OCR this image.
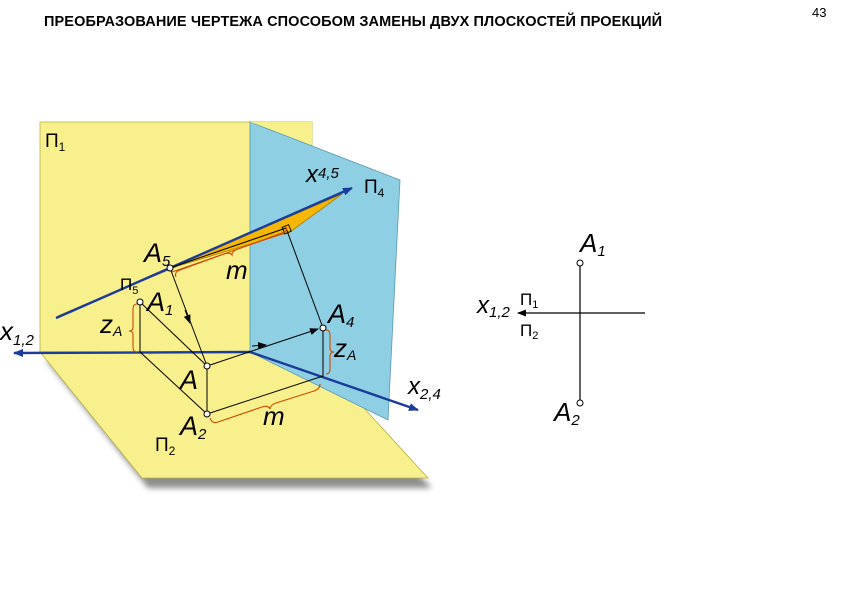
ПРЕОБРАЗОВАНИЕ ЧЕРТЕЖА СПОСОБОМ ЗАМЕНЫ ДВУХ ПЛОСКОСТЕЙ ПРОЕКЦИЙ
43
$П_1$
$П_2$
$П_4$
$П_5$
x1,2
$x_{2,4}$
x4,5
A5
A1
A
A2
A4
zA
zA
m
m
x1,2
П1
П2
A1
A2
